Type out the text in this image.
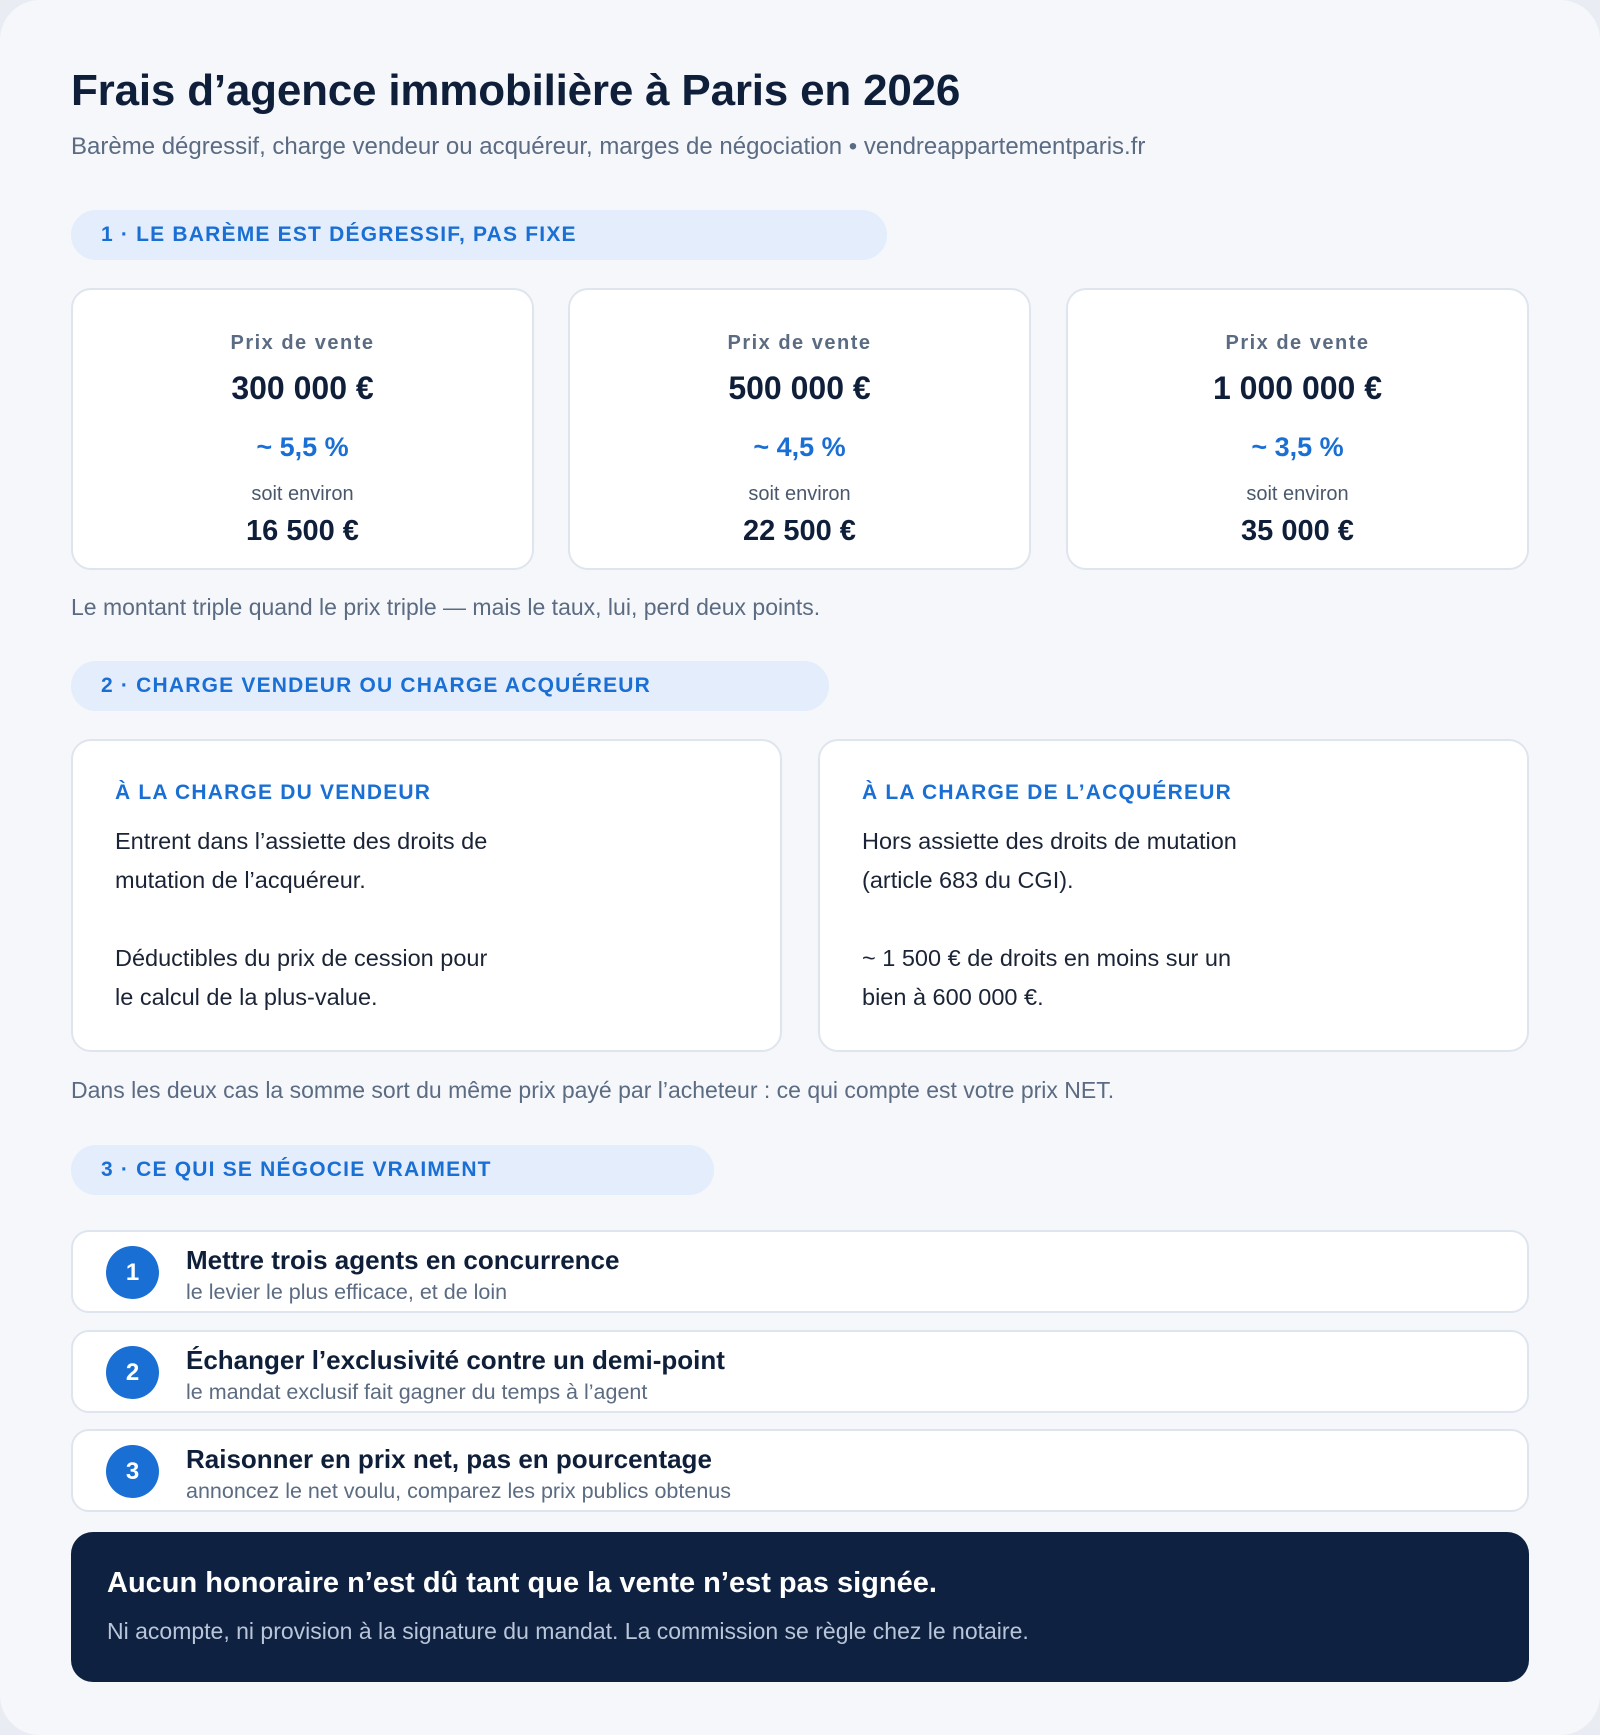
Frais d’agence immobilière à Paris en 2026
Barème dégressif, charge vendeur ou acquéreur, marges de négociation • vendreappartementparis.fr
1 · LE BARÈME EST DÉGRESSIF, PAS FIXE
Prix de vente
300 000 €
~ 5,5 %
soit environ
16 500 €
Prix de vente
500 000 €
~ 4,5 %
soit environ
22 500 €
Prix de vente
1 000 000 €
~ 3,5 %
soit environ
35 000 €
Le montant triple quand le prix triple — mais le taux, lui, perd deux points.
2 · CHARGE VENDEUR OU CHARGE ACQUÉREUR
À LA CHARGE DU VENDEUR
Entrent dans l’assiette des droits de mutation de l’acquéreur.
Déductibles du prix de cession pour le calcul de la plus-value.
À LA CHARGE DE L’ACQUÉREUR
Hors assiette des droits de mutation (article 683 du CGI).
~ 1 500 € de droits en moins sur un bien à 600 000 €.
Dans les deux cas la somme sort du même prix payé par l’acheteur : ce qui compte est votre prix NET.
3 · CE QUI SE NÉGOCIE VRAIMENT
1	Mettre trois agents en concurrence
le levier le plus efficace, et de loin
2	Échanger l’exclusivité contre un demi-point
le mandat exclusif fait gagner du temps à l’agent
3	Raisonner en prix net, pas en pourcentage
annoncez le net voulu, comparez les prix publics obtenus
Aucun honoraire n’est dû tant que la vente n’est pas signée.
Ni acompte, ni provision à la signature du mandat. La commission se règle chez le notaire.
